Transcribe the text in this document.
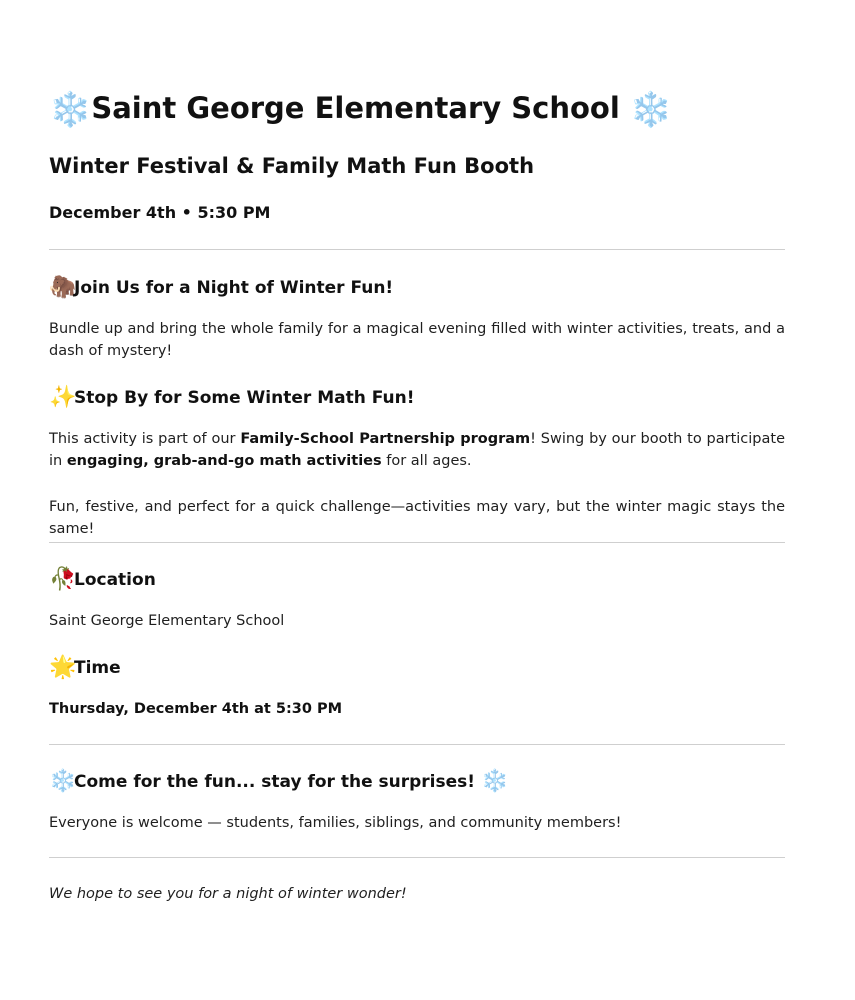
❄️Saint George Elementary School ❄️
Winter Festival & Family Math Fun Booth
December 4th • 5:30 PM
🦣Join Us for a Night of Winter Fun!

Bundle up and bring the whole family for a magical evening filled with winter activities, treats, and a dash of mystery!

✨Stop By for Some Winter Math Fun!

This activity is part of our Family-School Partnership program! Swing by our booth to participate in engaging, grab-and-go math activities for all ages.

Fun, festive, and perfect for a quick challenge—activities may vary, but the winter magic stays the same!

🥀Location

Saint George Elementary School

🌟Time

Thursday, December 4th at 5:30 PM

❄️Come for the fun... stay for the surprises! ❄️

Everyone is welcome — students, families, siblings, and community members!

We hope to see you for a night of winter wonder!
